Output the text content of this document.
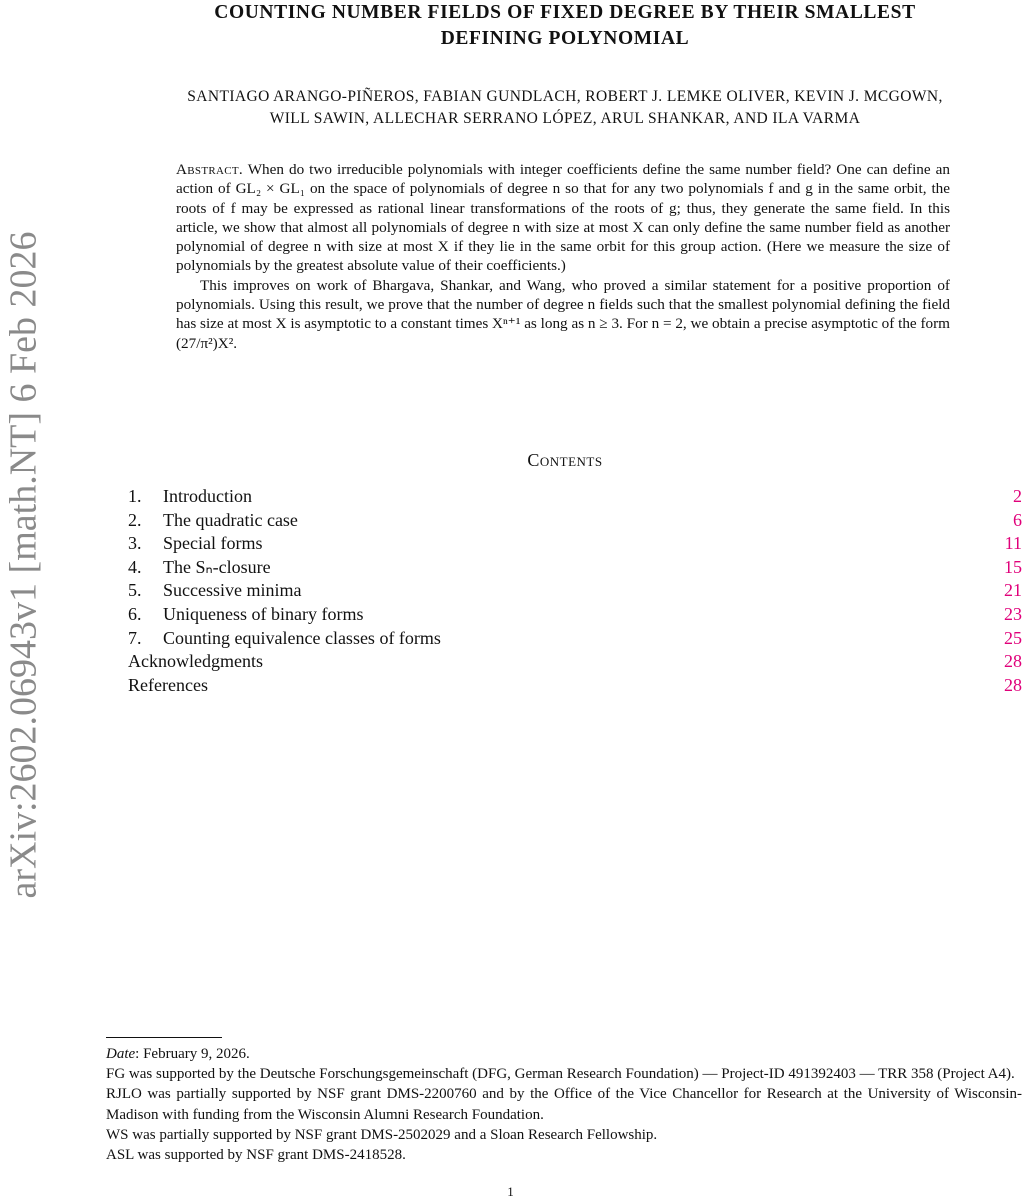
arXiv:2602.06943v1 [math.NT] 6 Feb 2026
COUNTING NUMBER FIELDS OF FIXED DEGREE BY THEIR SMALLEST
DEFINING POLYNOMIAL
SANTIAGO ARANGO-PIÑEROS, FABIAN GUNDLACH, ROBERT J. LEMKE OLIVER, KEVIN J. MCGOWN,
WILL SAWIN, ALLECHAR SERRANO LÓPEZ, ARUL SHANKAR, AND ILA VARMA

Abstract. When do two irreducible polynomials with integer coefficients define the same number field? One can define an action of GL₂ × GL₁ on the space of polynomials of degree n so that for any two polynomials f and g in the same orbit, the roots of f may be expressed as rational linear transformations of the roots of g; thus, they generate the same field. In this article, we show that almost all polynomials of degree n with size at most X can only define the same number field as another polynomial of degree n with size at most X if they lie in the same orbit for this group action. (Here we measure the size of polynomials by the greatest absolute value of their coefficients.)

This improves on work of Bhargava, Shankar, and Wang, who proved a similar statement for a positive proportion of polynomials. Using this result, we prove that the number of degree n fields such that the smallest polynomial defining the field has size at most X is asymptotic to a constant times Xⁿ⁺¹ as long as n ≥ 3. For n = 2, we obtain a precise asymptotic of the form (27/π²)X².

Contents
1.	Introduction	2
2.	The quadratic case	6
3.	Special forms	11
4.	The Sₙ-closure	15
5.	Successive minima	21
6.	Uniqueness of binary forms	23
7.	Counting equivalence classes of forms	25
Acknowledgments	28
References	28

Date: February 9, 2026.

FG was supported by the Deutsche Forschungsgemeinschaft (DFG, German Research Foundation) — Project-ID 491392403 — TRR 358 (Project A4).

RJLO was partially supported by NSF grant DMS-2200760 and by the Office of the Vice Chancellor for Research at the University of Wisconsin-Madison with funding from the Wisconsin Alumni Research Foundation.

WS was partially supported by NSF grant DMS-2502029 and a Sloan Research Fellowship.

ASL was supported by NSF grant DMS-2418528.

1
